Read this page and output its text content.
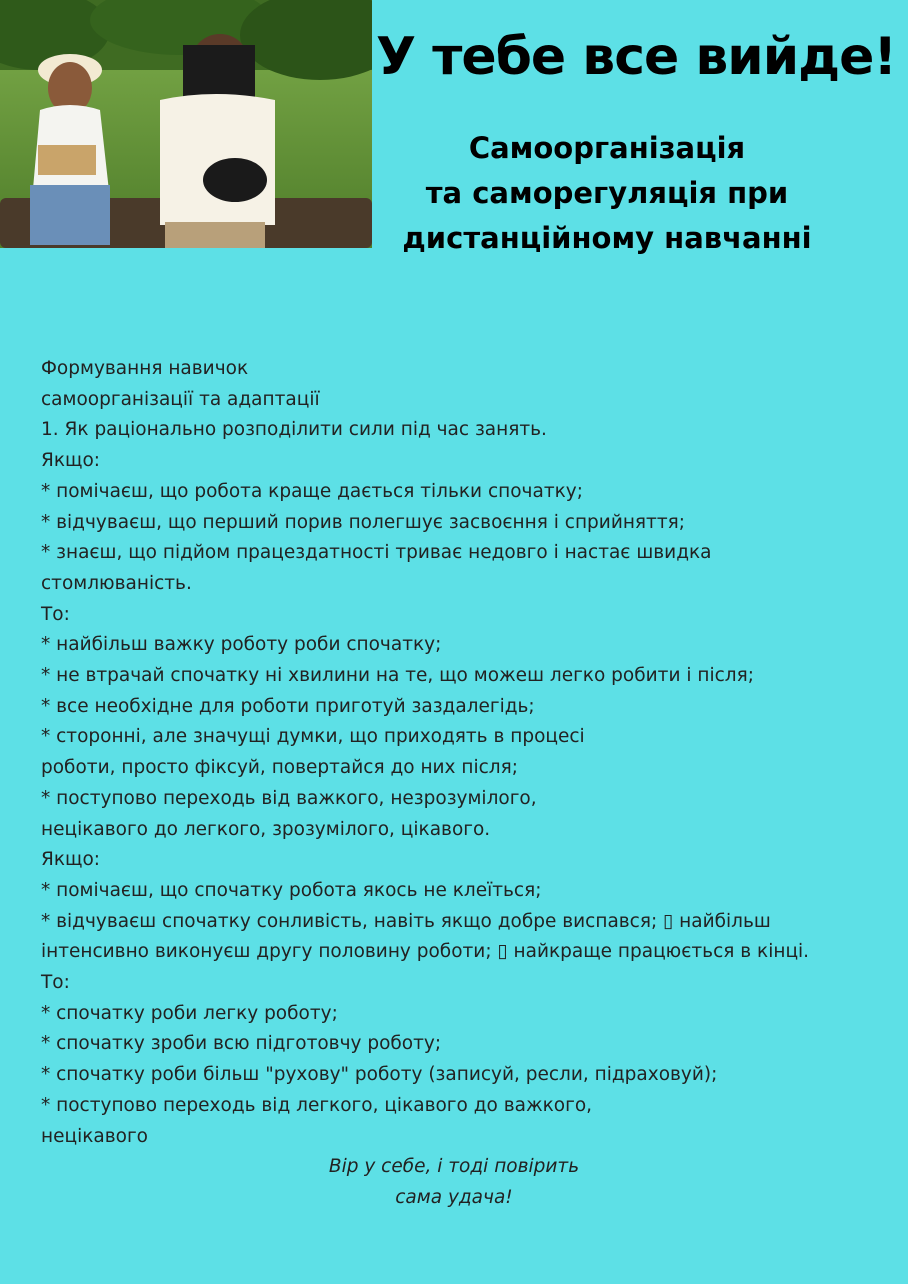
У тебе все вийде!
Самоорганізація
та саморегуляція при
дистанційному навчанні
Формування навичок
самоорганізації та адаптації
1. Як раціонально розподілити сили під час занять.
Якщо:
* помічаєш, що робота краще дається тільки спочатку;
* відчуваєш, що перший порив полегшує засвоєння і сприйняття;
* знаєш, що підйом працездатності триває недовго і настає швидка
стомлюваність.
То:
* найбільш важку роботу роби спочатку;
* не втрачай спочатку ні хвилини на те, що можеш легко робити і після;
* все необхідне для роботи приготуй заздалегідь;
* сторонні, але значущі думки, що приходять в процесі
роботи, просто фіксуй, повертайся до них після;
* поступово переходь від важкого, незрозумілого,
нецікавого до легкого, зрозумілого, цікавого.
Якщо:
* помічаєш, що спочатку робота якось не клеїться;
* відчуваєш спочатку сонливість, навіть якщо добре виспався; ▯ найбільш
інтенсивно виконуєш другу половину роботи; ▯ найкраще працюється в кінці.
То:
* спочатку роби легку роботу;
* спочатку зроби всю підготовчу роботу;
* спочатку роби більш "рухову" роботу (записуй, ресли, підраховуй);
* поступово переходь від легкого, цікавого до важкого,
нецікавого
Вір у себе, і тоді повірить
сама удача!
